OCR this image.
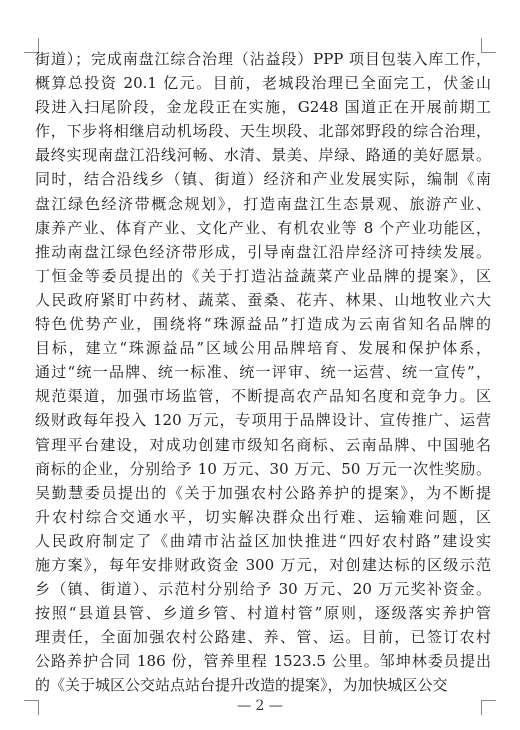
街道）；完成南盘江综合治理（沾益段）PPP 项目包装入库工作，
概算总投资 20.1 亿元。目前，老城段治理已全面完工，伏釜山
段进入扫尾阶段，金龙段正在实施，G248 国道正在开展前期工
作，下步将相继启动机场段、天生坝段、北部郊野段的综合治理，
最终实现南盘江沿线河畅、水清、景美、岸绿、路通的美好愿景。
同时，结合沿线乡（镇、街道）经济和产业发展实际，编制《南
盘江绿色经济带概念规划》，打造南盘江生态景观、旅游产业、
康养产业、体育产业、文化产业、有机农业等 8 个产业功能区，
推动南盘江绿色经济带形成，引导南盘江沿岸经济可持续发展。
丁恒金等委员提出的《关于打造沾益蔬菜产业品牌的提案》，区
人民政府紧盯中药材、蔬菜、蚕桑、花卉、林果、山地牧业六大
特色优势产业，围绕将“珠源益品”打造成为云南省知名品牌的
目标，建立“珠源益品”区域公用品牌培育、发展和保护体系，
通过“统一品牌、统一标准、统一评审、统一运营、统一宣传”，
规范渠道，加强市场监管，不断提高农产品知名度和竞争力。区
级财政每年投入 120 万元，专项用于品牌设计、宣传推广、运营
管理平台建设，对成功创建市级知名商标、云南品牌、中国驰名
商标的企业，分别给予 10 万元、30 万元、50 万元一次性奖励。
吴勤慧委员提出的《关于加强农村公路养护的提案》，为不断提
升农村综合交通水平，切实解决群众出行难、运输难问题，区
人民政府制定了《曲靖市沾益区加快推进“四好农村路”建设实
施方案》，每年安排财政资金 300 万元，对创建达标的区级示范
乡（镇、街道）、示范村分别给予 30 万元、20 万元奖补资金。
按照“县道县管、乡道乡管、村道村管”原则，逐级落实养护管
理责任，全面加强农村公路建、养、管、运。目前，已签订农村
公路养护合同 186 份，管养里程 1523.5 公里。邹坤林委员提出
的《关于城区公交站点站台提升改造的提案》，为加快城区公交
— 2 —
